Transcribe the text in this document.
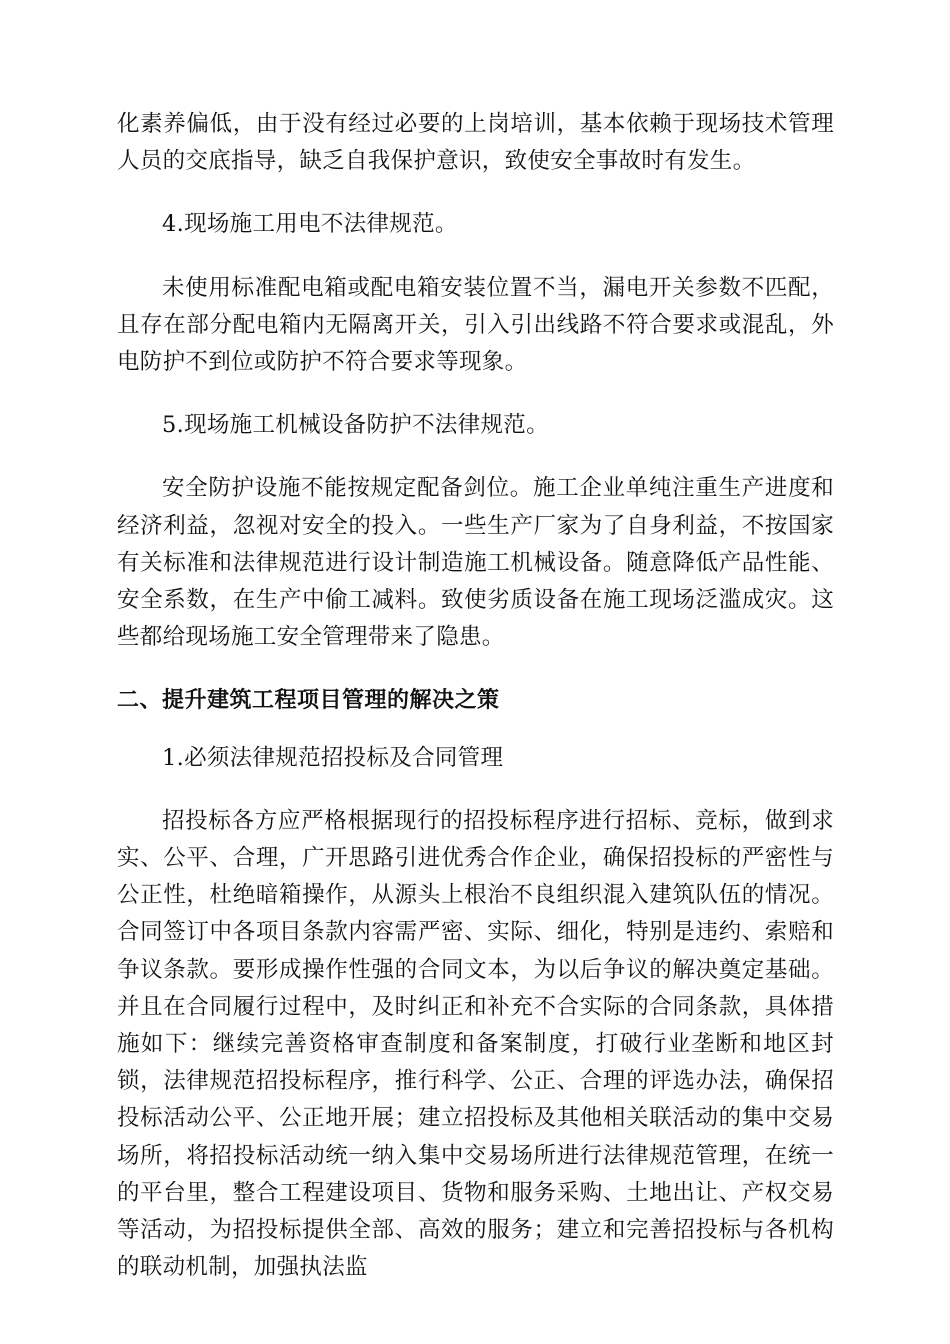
化素养偏低，由于没有经过必要的上岗培训，基本依赖于现场技术管理人员的交底指导，缺乏自我保护意识，致使安全事故时有发生。

4.现场施工用电不法律规范。

未使用标准配电箱或配电箱安装位置不当，漏电开关参数不匹配，且存在部分配电箱内无隔离开关，引入引出线路不符合要求或混乱，外电防护不到位或防护不符合要求等现象。

5.现场施工机械设备防护不法律规范。

安全防护设施不能按规定配备剑位。施工企业单纯注重生产进度和经济利益，忽视对安全的投入。一些生产厂家为了自身利益，不按国家有关标准和法律规范进行设计制造施工机械设备。随意降低产品性能、安全系数，在生产中偷工减料。致使劣质设备在施工现场泛滥成灾。这些都给现场施工安全管理带来了隐患。

二、提升建筑工程项目管理的解决之策

1.必须法律规范招投标及合同管理

招投标各方应严格根据现行的招投标程序进行招标、竞标，做到求实、公平、合理，广开思路引进优秀合作企业，确保招投标的严密性与公正性，杜绝暗箱操作，从源头上根治不良组织混入建筑队伍的情况。合同签订中各项目条款内容需严密、实际、细化，特别是违约、索赔和争议条款。要形成操作性强的合同文本，为以后争议的解决奠定基础。并且在合同履行过程中，及时纠正和补充不合实际的合同条款，具体措施如下：继续完善资格审查制度和备案制度，打破行业垄断和地区封锁，法律规范招投标程序，推行科学、公正、合理的评选办法，确保招投标活动公平、公正地开展；建立招投标及其他相关联活动的集中交易场所，将招投标活动统一纳入集中交易场所进行法律规范管理，在统一的平台里，整合工程建设项目、货物和服务采购、土地出让、产权交易等活动，为招投标提供全部、高效的服务；建立和完善招投标与各机构的联动机制，加强执法监
